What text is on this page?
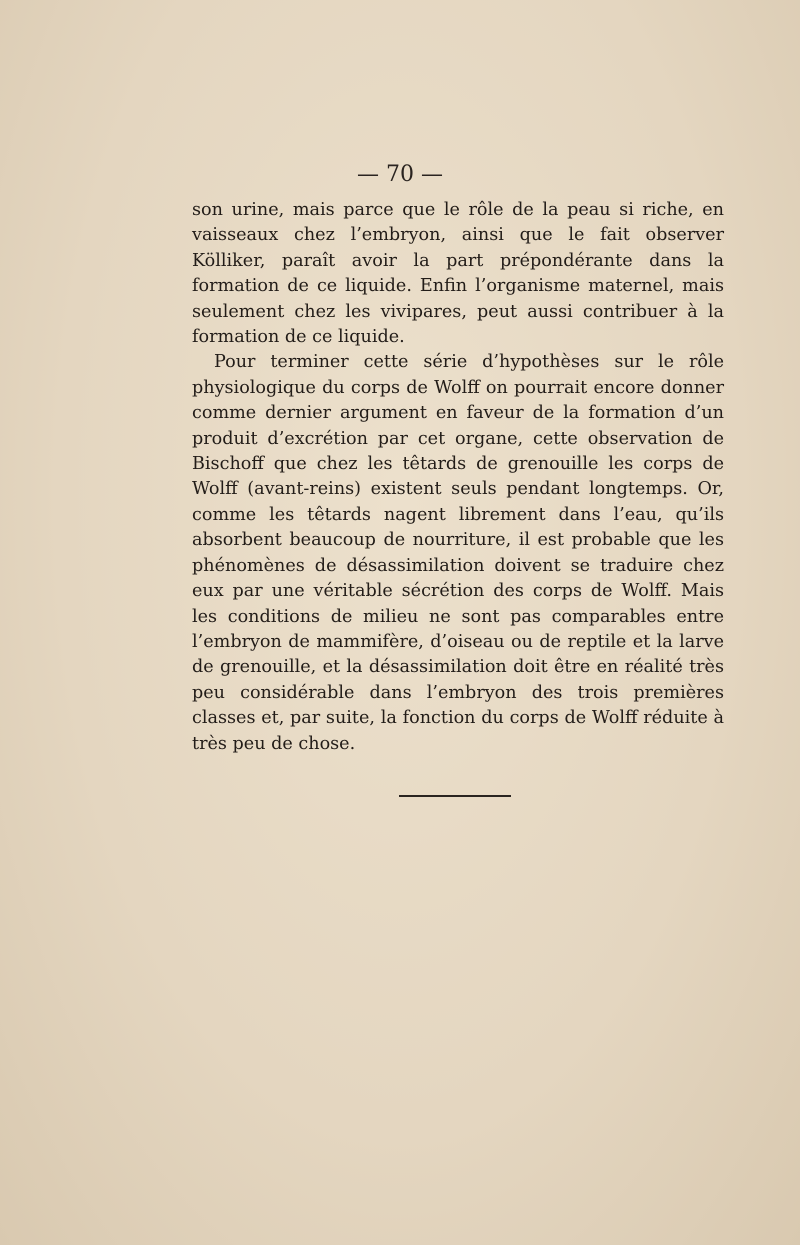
— 70 —

son urine, mais parce que le rôle de la peau si riche, en vaisseaux chez l’embryon, ainsi que le fait observer Kölliker, paraît avoir la part prépondérante dans la formation de ce liquide. Enfin l’organisme maternel, mais seulement chez les vivipares, peut aussi contribuer à la formation de ce liquide.

Pour terminer cette série d’hypothèses sur le rôle physiologique du corps de Wolff on pourrait encore donner comme dernier argument en faveur de la formation d’un produit d’excrétion par cet organe, cette observation de Bischoff que chez les têtards de grenouille les corps de Wolff (avant-reins) existent seuls pendant longtemps. Or, comme les têtards nagent librement dans l’eau, qu’ils absorbent beaucoup de nourriture, il est probable que les phénomènes de désassimilation doivent se traduire chez eux par une véritable sécrétion des corps de Wolff. Mais les conditions de milieu ne sont pas comparables entre l’embryon de mammifère, d’oiseau ou de reptile et la larve de grenouille, et la désassimilation doit être en réalité très peu considérable dans l’embryon des trois premières classes et, par suite, la fonction du corps de Wolff réduite à très peu de chose.
